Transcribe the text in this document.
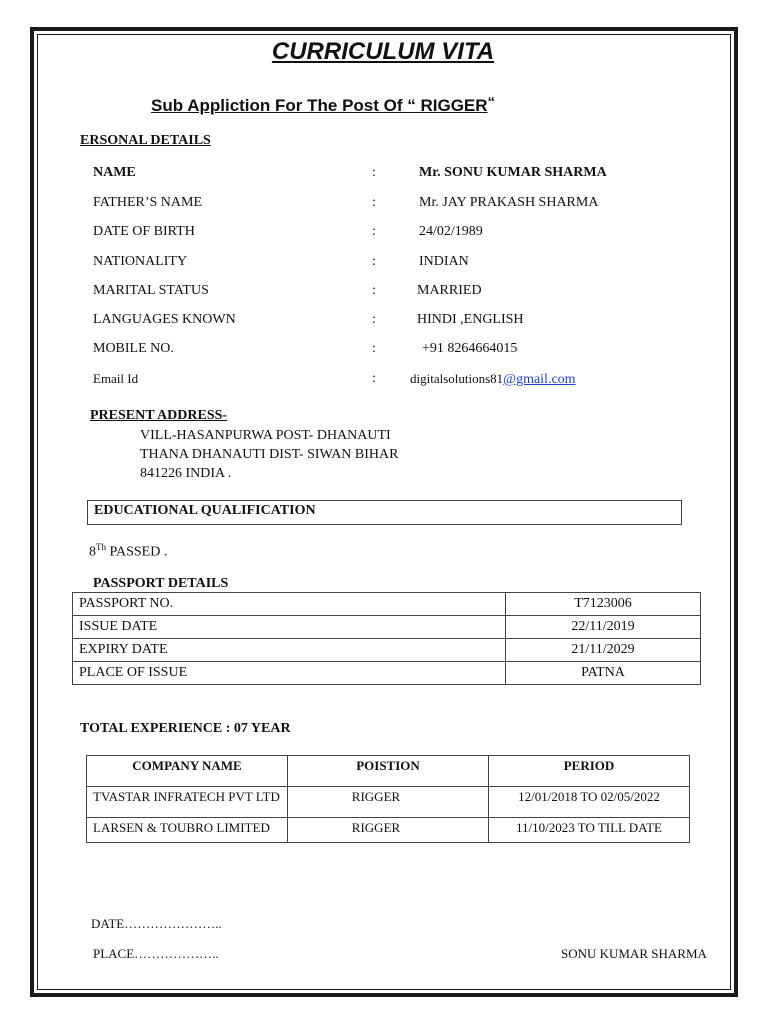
CURRICULUM VITA
Sub Appliction For The Post Of “ RIGGER“
ERSONAL DETAILS
NAME	:	Mr. SONU KUMAR SHARMA
FATHER’S NAME	:	Mr. JAY PRAKASH SHARMA
DATE OF BIRTH	:	24/02/1989
NATIONALITY	:	INDIAN
MARITAL STATUS	:	MARRIED
LANGUAGES KNOWN	:	HINDI ,ENGLISH
MOBILE NO.	:	+91 8264664015
Email Id	:	digitalsolutions81@gmail.com
PRESENT ADDRESS-
VILL-HASANPURWA POST- DHANAUTI
THANA DHANAUTI DIST- SIWAN BIHAR
841226 INDIA .
EDUCATIONAL QUALIFICATION
8Th PASSED .
PASSPORT DETAILS
PASSPORT NO.	T7123006
ISSUE DATE	22/11/2019
EXPIRY DATE	21/11/2029
PLACE OF ISSUE	PATNA
TOTAL EXPERIENCE : 07 YEAR
COMPANY NAME	POISTION	PERIOD
TVASTAR INFRATECH PVT LTD	RIGGER	12/01/2018 TO 02/05/2022
LARSEN & TOUBRO LIMITED	RIGGER	11/10/2023 TO TILL DATE
DATE…………………..
PLACE………………..	SONU KUMAR SHARMA
